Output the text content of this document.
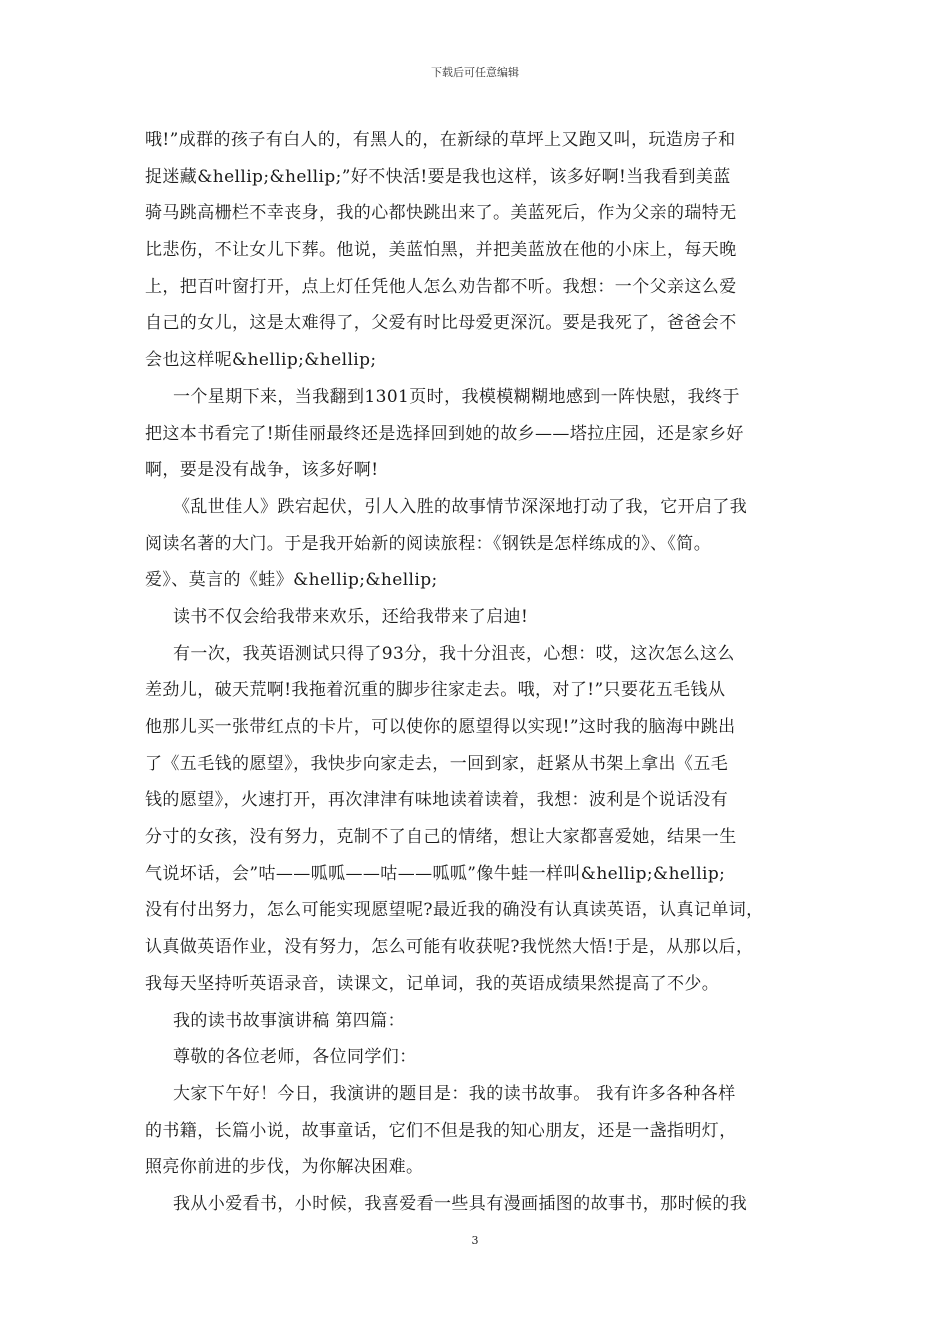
下载后可任意编辑
哦!”成群的孩子有白人的，有黑人的，在新绿的草坪上又跑又叫，玩造房子和
捉迷藏&hellip;&hellip;”好不快活!要是我也这样，该多好啊!当我看到美蓝
骑马跳高栅栏不幸丧身，我的心都快跳出来了。美蓝死后，作为父亲的瑞特无
比悲伤，不让女儿下葬。他说，美蓝怕黑，并把美蓝放在他的小床上，每天晚
上，把百叶窗打开，点上灯任凭他人怎么劝告都不听。我想：一个父亲这么爱
自己的女儿，这是太难得了，父爱有时比母爱更深沉。要是我死了，爸爸会不
会也这样呢&hellip;&hellip;
一个星期下来，当我翻到1301页时，我模模糊糊地感到一阵快慰，我终于
把这本书看完了!斯佳丽最终还是选择回到她的故乡——塔拉庄园，还是家乡好
啊，要是没有战争，该多好啊!
《乱世佳人》跌宕起伏，引人入胜的故事情节深深地打动了我，它开启了我
阅读名著的大门。于是我开始新的阅读旅程：《钢铁是怎样练成的》、《简。
爱》、莫言的《蛙》&hellip;&hellip;
读书不仅会给我带来欢乐，还给我带来了启迪!
有一次，我英语测试只得了93分，我十分沮丧，心想：哎，这次怎么这么
差劲儿，破天荒啊!我拖着沉重的脚步往家走去。哦，对了!”只要花五毛钱从
他那儿买一张带红点的卡片，可以使你的愿望得以实现!”这时我的脑海中跳出
了《五毛钱的愿望》，我快步向家走去，一回到家，赶紧从书架上拿出《五毛
钱的愿望》，火速打开，再次津津有味地读着读着，我想：波利是个说话没有
分寸的女孩，没有努力，克制不了自己的情绪，想让大家都喜爱她，结果一生
气说坏话，会”咕——呱呱——咕——呱呱”像牛蛙一样叫&hellip;&hellip;
没有付出努力，怎么可能实现愿望呢?最近我的确没有认真读英语，认真记单词，
认真做英语作业，没有努力，怎么可能有收获呢?我恍然大悟!于是，从那以后，
我每天坚持听英语录音，读课文，记单词，我的英语成绩果然提高了不少。
我的读书故事演讲稿 第四篇：
尊敬的各位老师，各位同学们：
大家下午好！今日，我演讲的题目是：我的读书故事。 我有许多各种各样
的书籍，长篇小说，故事童话，它们不但是我的知心朋友，还是一盏指明灯，
照亮你前进的步伐，为你解决困难。
我从小爱看书，小时候，我喜爱看一些具有漫画插图的故事书，那时候的我
3
